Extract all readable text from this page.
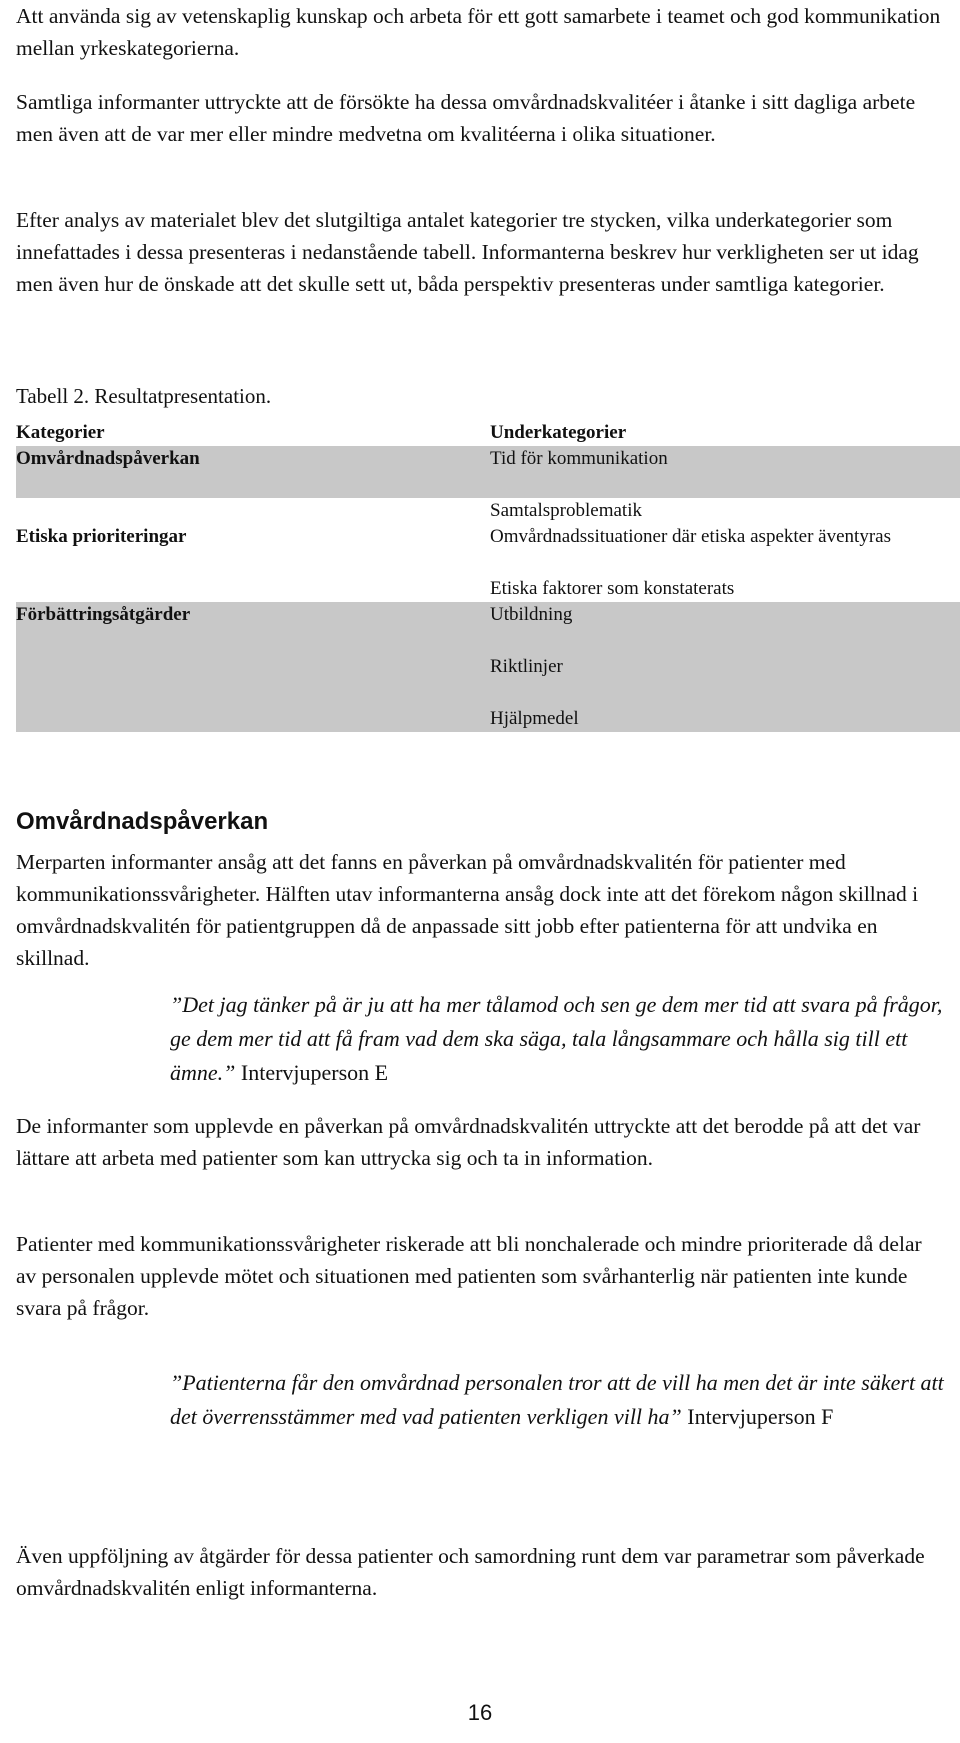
Att använda sig av vetenskaplig kunskap och arbeta för ett gott samarbete i teamet och god kommunikation mellan yrkeskategorierna.

Samtliga informanter uttryckte att de försökte ha dessa omvårdnadskvalitéer i åtanke i sitt dagliga arbete men även att de var mer eller mindre medvetna om kvalitéerna i olika situationer.

Efter analys av materialet blev det slutgiltiga antalet kategorier tre stycken, vilka underkategorier som innefattades i dessa presenteras i nedanstående tabell. Informanterna beskrev hur verkligheten ser ut idag men även hur de önskade att det skulle sett ut, båda perspektiv presenteras under samtliga kategorier.

Tabell 2. Resultatpresentation.

Kategorier	Underkategorier
Omvårdnadspåverkan	Tid för kommunikation

	Samtalsproblematik
Etiska prioriteringar	Omvårdnadssituationer där etiska aspekter äventyras

	Etiska faktorer som konstaterats
Förbättringsåtgärder	Utbildning

	Riktlinjer

	Hjälpmedel
Omvårdnadspåverkan

Merparten informanter ansåg att det fanns en påverkan på omvårdnadskvalitén för patienter med kommunikationssvårigheter. Hälften utav informanterna ansåg dock inte att det förekom någon skillnad i omvårdnadskvalitén för patientgruppen då de anpassade sitt jobb efter patienterna för att undvika en skillnad.

”Det jag tänker på är ju att ha mer tålamod och sen ge dem mer tid att svara på frågor, ge dem mer tid att få fram vad dem ska säga, tala långsammare och hålla sig till ett ämne.” Intervjuperson E

De informanter som upplevde en påverkan på omvårdnadskvalitén uttryckte att det berodde på att det var lättare att arbeta med patienter som kan uttrycka sig och ta in information.

Patienter med kommunikationssvårigheter riskerade att bli nonchalerade och mindre prioriterade då delar av personalen upplevde mötet och situationen med patienten som svårhanterlig när patienten inte kunde svara på frågor.

”Patienterna får den omvårdnad personalen tror att de vill ha men det är inte säkert att det överrensstämmer med vad patienten verkligen vill ha” Intervjuperson F

Även uppföljning av åtgärder för dessa patienter och samordning runt dem var parametrar som påverkade omvårdnadskvalitén enligt informanterna.

16
